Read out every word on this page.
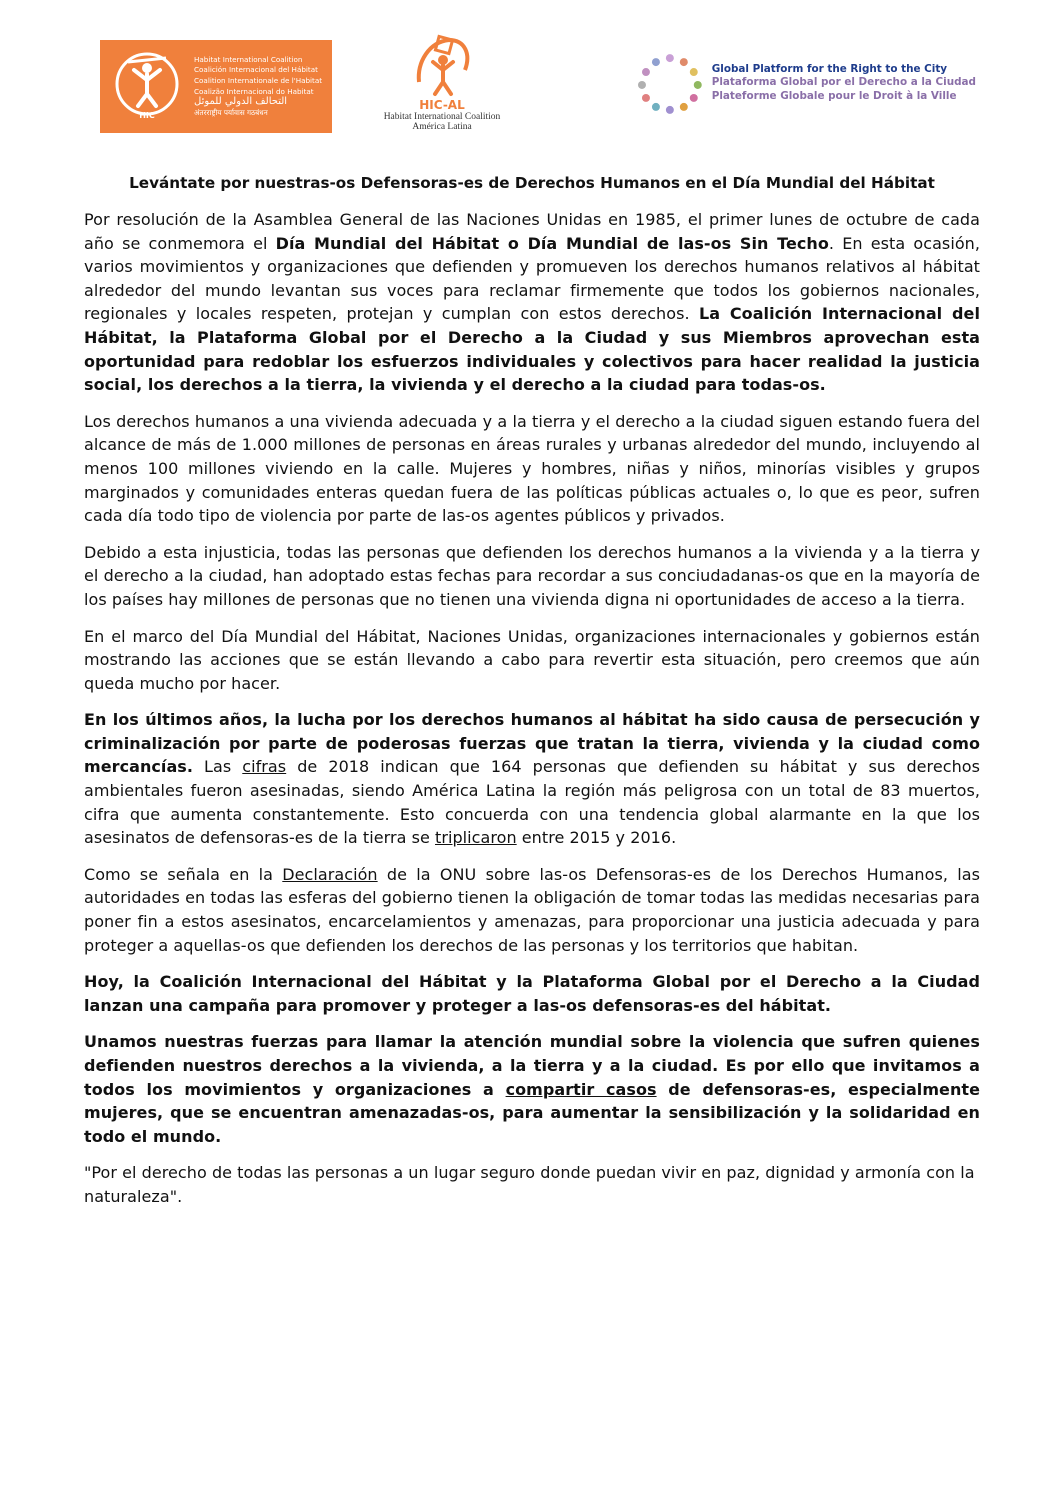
HIC
Habitat International Coalition
Coalición Internacional del Hábitat
Coalition Internationale de l'Habitat
Coalizão Internacional do Habitat
التحالف الدولي للموئل
अंतरराष्ट्रीय पर्यावास गठबंधन
HIC-AL
Habitat International Coalition
América Latina
Global Platform for the Right to the City
Plataforma Global por el Derecho a la Ciudad
Plateforme Globale pour le Droit à la Ville
Levántate por nuestras-os Defensoras-es de Derechos Humanos en el Día Mundial del Hábitat

Por resolución de la Asamblea General de las Naciones Unidas en 1985, el primer lunes de octubre de cada año se conmemora el Día Mundial del Hábitat o Día Mundial de las-os Sin Techo. En esta ocasión, varios movimientos y organizaciones que defienden y promueven los derechos humanos relativos al hábitat alrededor del mundo levantan sus voces para reclamar firmemente que todos los gobiernos nacionales, regionales y locales respeten, protejan y cumplan con estos derechos. La Coalición Internacional del Hábitat, la Plataforma Global por el Derecho a la Ciudad y sus Miembros aprovechan esta oportunidad para redoblar los esfuerzos individuales y colectivos para hacer realidad la justicia social, los derechos a la tierra, la vivienda y el derecho a la ciudad para todas-os.

Los derechos humanos a una vivienda adecuada y a la tierra y el derecho a la ciudad siguen estando fuera del alcance de más de 1.000 millones de personas en áreas rurales y urbanas alrededor del mundo, incluyendo al menos 100 millones viviendo en la calle. Mujeres y hombres, niñas y niños, minorías visibles y grupos marginados y comunidades enteras quedan fuera de las políticas públicas actuales o, lo que es peor, sufren cada día todo tipo de violencia por parte de las-os agentes públicos y privados.

Debido a esta injusticia, todas las personas que defienden los derechos humanos a la vivienda y a la tierra y el derecho a la ciudad, han adoptado estas fechas para recordar a sus conciudadanas-os que en la mayoría de los países hay millones de personas que no tienen una vivienda digna ni oportunidades de acceso a la tierra.

En el marco del Día Mundial del Hábitat, Naciones Unidas, organizaciones internacionales y gobiernos están mostrando las acciones que se están llevando a cabo para revertir esta situación, pero creemos que aún queda mucho por hacer.

En los últimos años, la lucha por los derechos humanos al hábitat ha sido causa de persecución y criminalización por parte de poderosas fuerzas que tratan la tierra, vivienda y la ciudad como mercancías. Las cifras de 2018 indican que 164 personas que defienden su hábitat y sus derechos ambientales fueron asesinadas, siendo América Latina la región más peligrosa con un total de 83 muertos, cifra que aumenta constantemente. Esto concuerda con una tendencia global alarmante en la que los asesinatos de defensoras-es de la tierra se triplicaron entre 2015 y 2016.

Como se señala en la Declaración de la ONU sobre las-os Defensoras-es de los Derechos Humanos, las autoridades en todas las esferas del gobierno tienen la obligación de tomar todas las medidas necesarias para poner fin a estos asesinatos, encarcelamientos y amenazas, para proporcionar una justicia adecuada y para proteger a aquellas-os que defienden los derechos de las personas y los territorios que habitan.

Hoy, la Coalición Internacional del Hábitat y la Plataforma Global por el Derecho a la Ciudad lanzan una campaña para promover y proteger a las-os defensoras-es del hábitat.

Unamos nuestras fuerzas para llamar la atención mundial sobre la violencia que sufren quienes defienden nuestros derechos a la vivienda, a la tierra y a la ciudad. Es por ello que invitamos a todos los movimientos y organizaciones a compartir casos de defensoras-es, especialmente mujeres, que se encuentran amenazadas-os, para aumentar la sensibilización y la solidaridad en todo el mundo.

"Por el derecho de todas las personas a un lugar seguro donde puedan vivir en paz, dignidad y armonía con la naturaleza".
